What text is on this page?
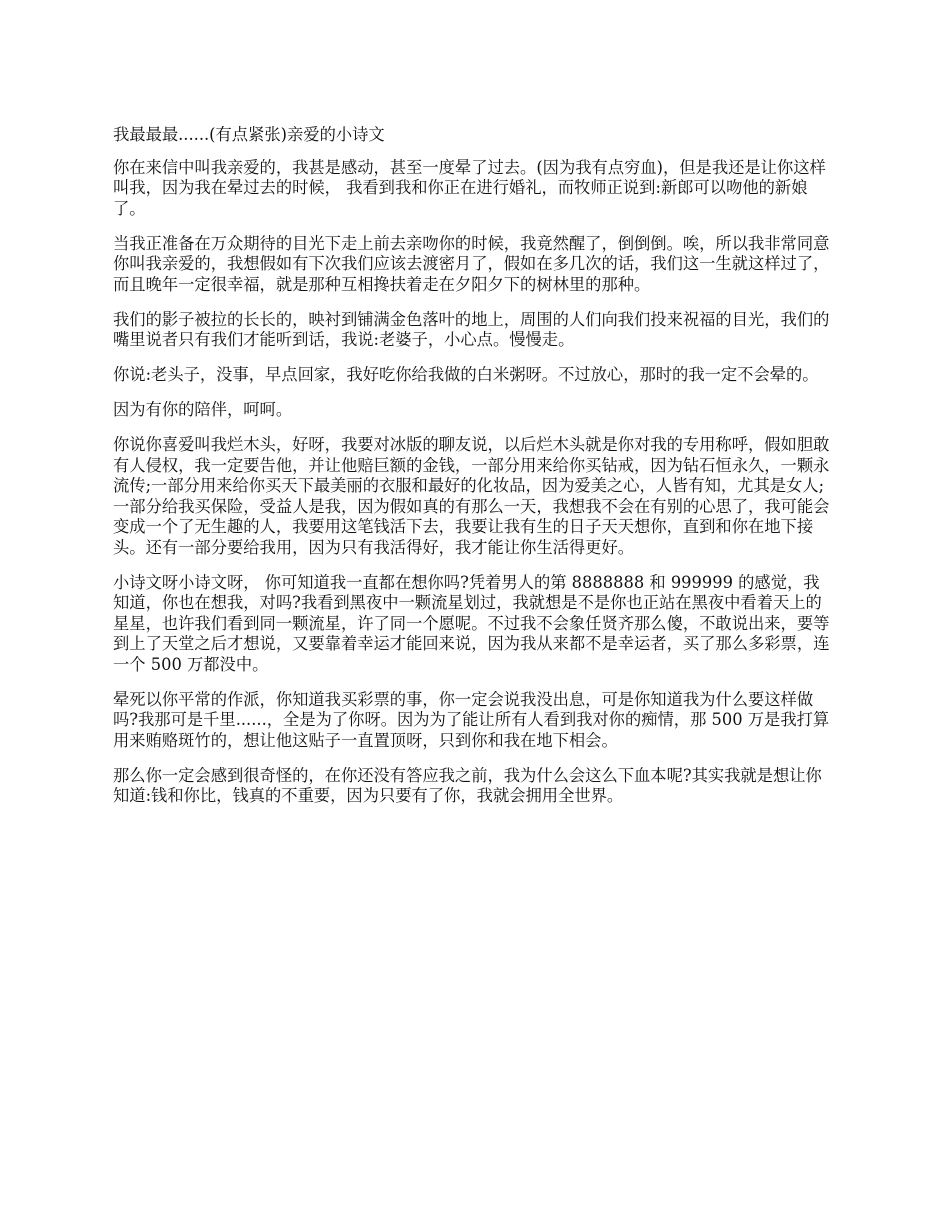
我最最最......(有点紧张)亲爱的小诗文

你在来信中叫我亲爱的，我甚是感动，甚至一度晕了过去。(因为我有点穷血)，但是我还是让你这样叫我，因为我在晕过去的时候， 我看到我和你正在进行婚礼，而牧师正说到:新郎可以吻他的新娘了。

当我正准备在万众期待的目光下走上前去亲吻你的时候，我竟然醒了，倒倒倒。唉，所以我非常同意你叫我亲爱的，我想假如有下次我们应该去渡密月了，假如在多几次的话，我们这一生就这样过了，而且晚年一定很幸福，就是那种互相搀扶着走在夕阳夕下的树林里的那种。

我们的影子被拉的长长的，映衬到铺满金色落叶的地上，周围的人们向我们投来祝福的目光，我们的嘴里说者只有我们才能听到话，我说:老婆子，小心点。慢慢走。

你说:老头子，没事，早点回家，我好吃你给我做的白米粥呀。不过放心，那时的我一定不会晕的。

因为有你的陪伴，呵呵。

你说你喜爱叫我烂木头，好呀，我要对冰版的聊友说，以后烂木头就是你对我的专用称呼，假如胆敢有人侵权，我一定要告他，并让他赔巨额的金钱，一部分用来给你买钻戒，因为钻石恒永久，一颗永流传;一部分用来给你买天下最美丽的衣服和最好的化妆品，因为爱美之心，人皆有知，尤其是女人;一部分给我买保险，受益人是我，因为假如真的有那么一天，我想我不会在有别的心思了，我可能会变成一个了无生趣的人，我要用这笔钱活下去，我要让我有生的日子天天想你，直到和你在地下接头。还有一部分要给我用，因为只有我活得好，我才能让你生活得更好。

小诗文呀小诗文呀， 你可知道我一直都在想你吗?凭着男人的第 8888888 和 999999 的感觉，我知道，你也在想我，对吗?我看到黑夜中一颗流星划过，我就想是不是你也正站在黑夜中看着天上的星星，也许我们看到同一颗流星，许了同一个愿呢。不过我不会象任贤齐那么傻，不敢说出来，要等到上了天堂之后才想说，又要靠着幸运才能回来说，因为我从来都不是幸运者，买了那么多彩票，连一个 500 万都没中。

晕死以你平常的作派，你知道我买彩票的事，你一定会说我没出息，可是你知道我为什么要这样做吗?我那可是千里......，全是为了你呀。因为为了能让所有人看到我对你的痴情，那 500 万是我打算用来贿赂斑竹的，想让他这贴子一直置顶呀，只到你和我在地下相会。

那么你一定会感到很奇怪的，在你还没有答应我之前，我为什么会这么下血本呢?其实我就是想让你知道:钱和你比，钱真的不重要，因为只要有了你，我就会拥用全世界。
